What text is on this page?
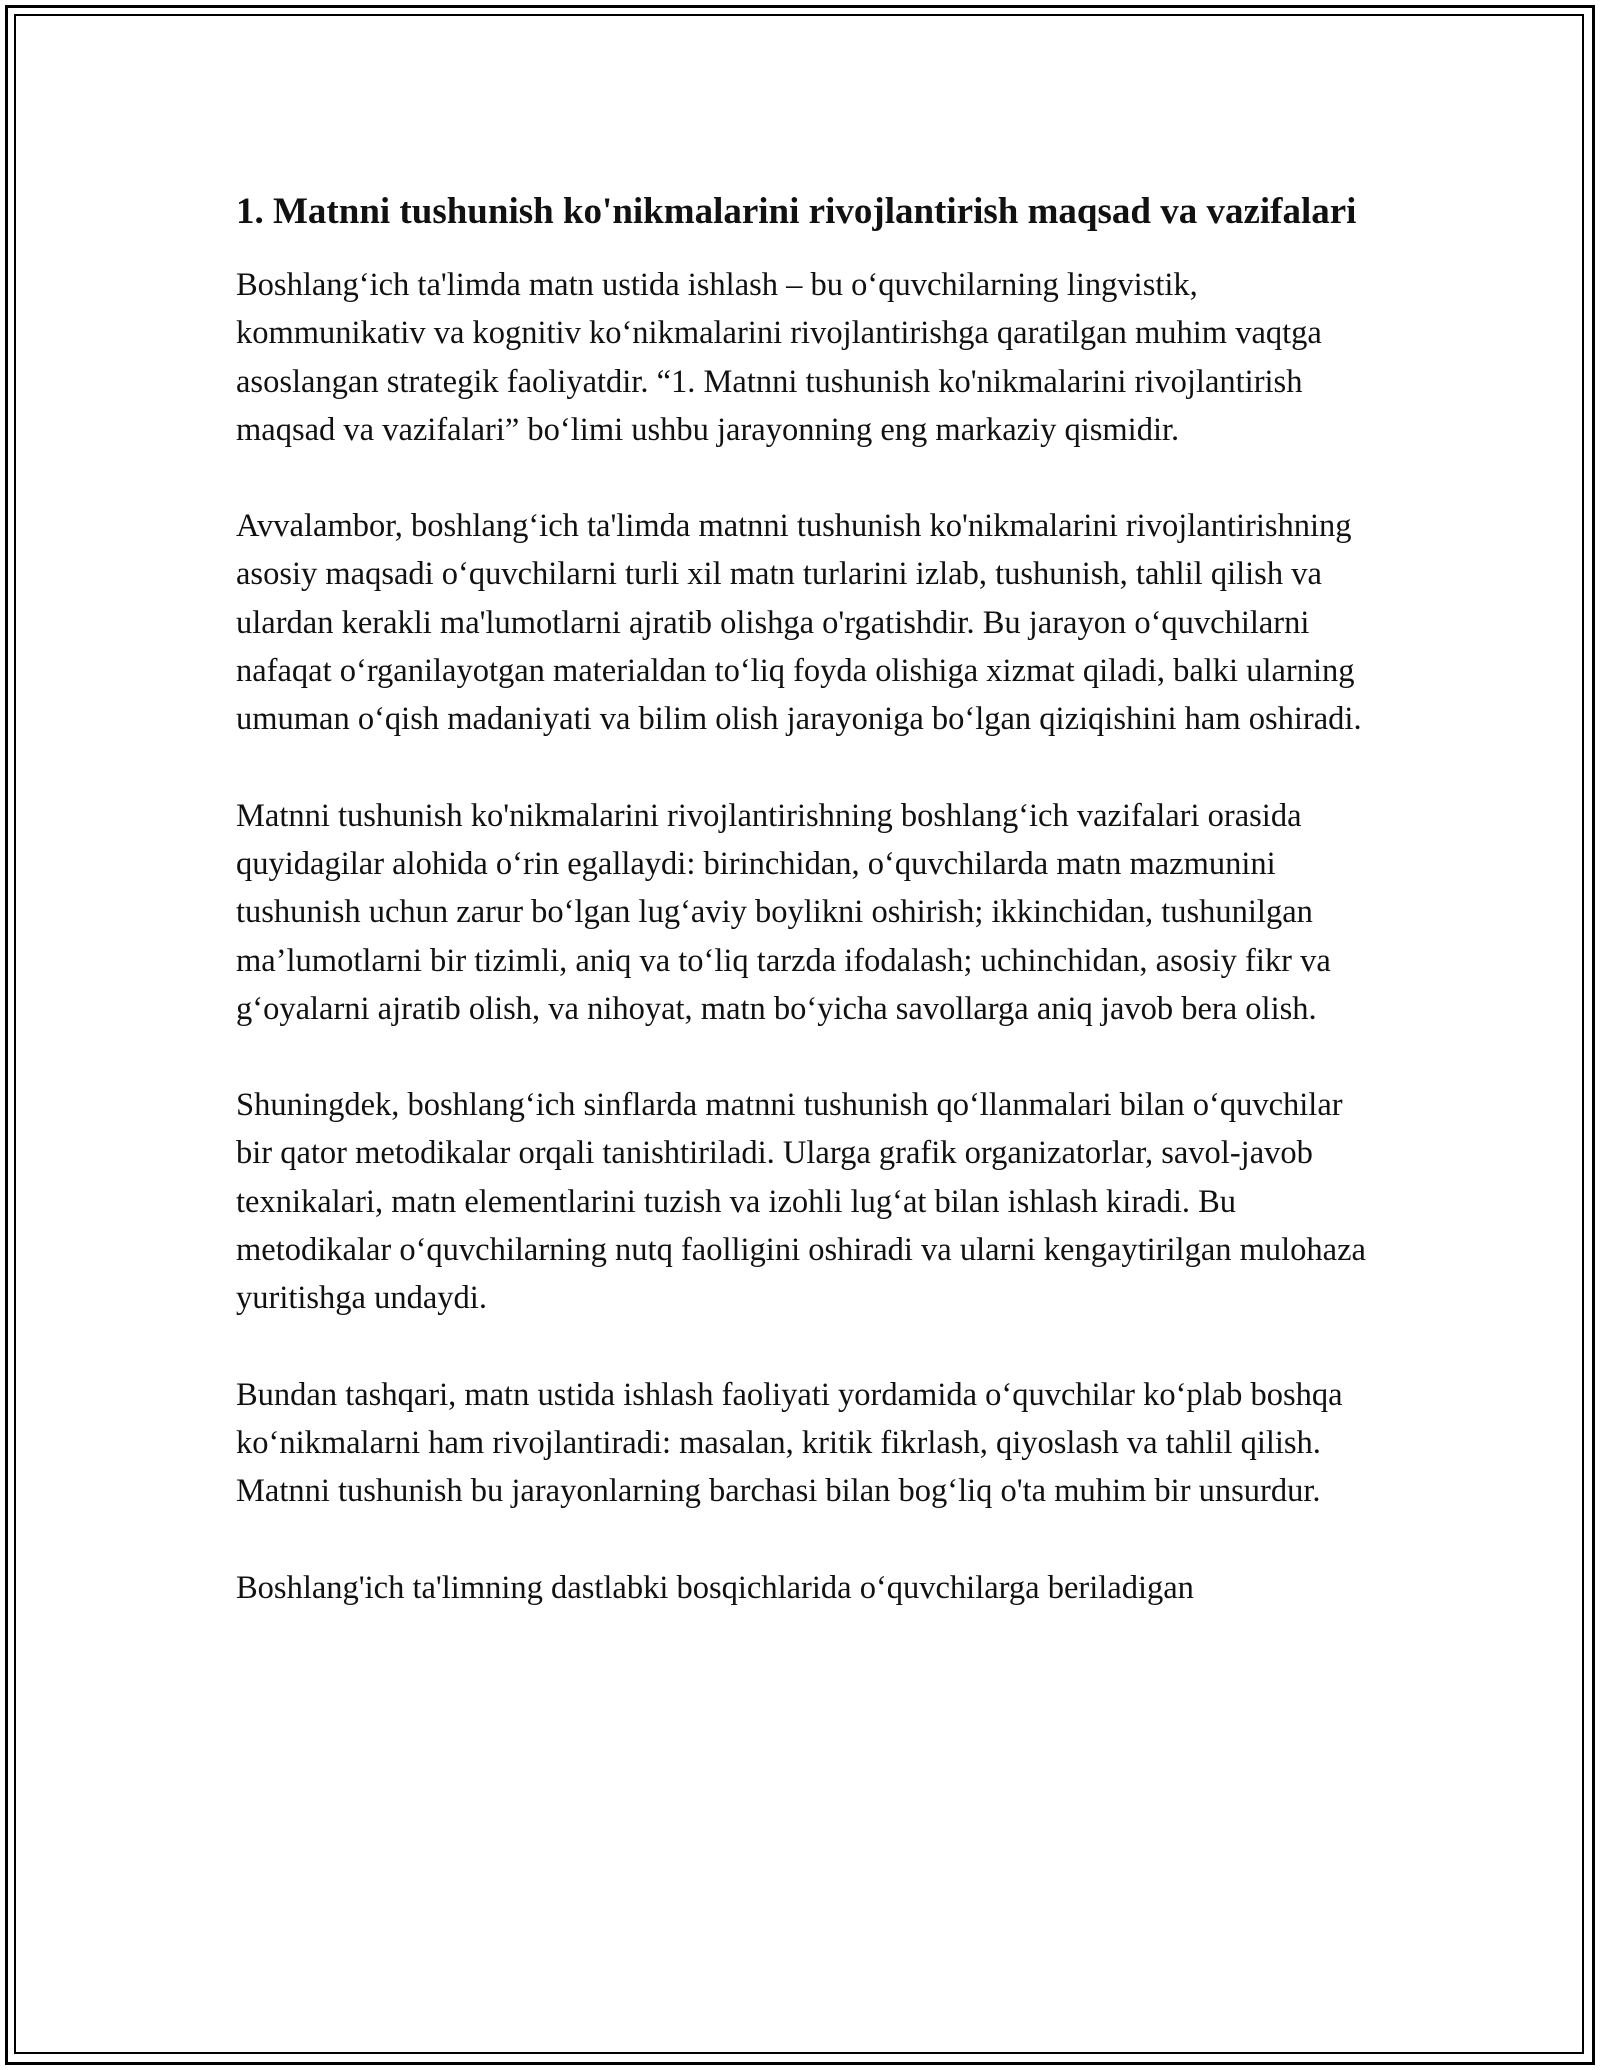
1. Matnni tushunish ko'nikmalarini rivojlantirish maqsad va vazifalari

Boshlang‘ich ta'limda matn ustida ishlash – bu o‘quvchilarning lingvistik, kommunikativ va kognitiv ko‘nikmalarini rivojlantirishga qaratilgan muhim vaqtga asoslangan strategik faoliyatdir. “1. Matnni tushunish ko'nikmalarini rivojlantirish maqsad va vazifalari” bo‘limi ushbu jarayonning eng markaziy qismidir.

Avvalambor, boshlang‘ich ta'limda matnni tushunish ko'nikmalarini rivojlantirishning asosiy maqsadi o‘quvchilarni turli xil matn turlarini izlab, tushunish, tahlil qilish va ulardan kerakli ma'lumotlarni ajratib olishga o'rgatishdir. Bu jarayon o‘quvchilarni nafaqat o‘rganilayotgan materialdan to‘liq foyda olishiga xizmat qiladi, balki ularning umuman o‘qish madaniyati va bilim olish jarayoniga bo‘lgan qiziqishini ham oshiradi.

Matnni tushunish ko'nikmalarini rivojlantirishning boshlang‘ich vazifalari orasida quyidagilar alohida o‘rin egallaydi: birinchidan, o‘quvchilarda matn mazmunini tushunish uchun zarur bo‘lgan lug‘aviy boylikni oshirish; ikkinchidan, tushunilgan ma’lumotlarni bir tizimli, aniq va to‘liq tarzda ifodalash; uchinchidan, asosiy fikr va g‘oyalarni ajratib olish, va nihoyat, matn bo‘yicha savollarga aniq javob bera olish.

Shuningdek, boshlang‘ich sinflarda matnni tushunish qo‘llanmalari bilan o‘quvchilar bir qator metodikalar orqali tanishtiriladi. Ularga grafik organizatorlar, savol-javob texnikalari, matn elementlarini tuzish va izohli lug‘at bilan ishlash kiradi. Bu metodikalar o‘quvchilarning nutq faolligini oshiradi va ularni kengaytirilgan mulohaza yuritishga undaydi.

Bundan tashqari, matn ustida ishlash faoliyati yordamida o‘quvchilar ko‘plab boshqa ko‘nikmalarni ham rivojlantiradi: masalan, kritik fikrlash, qiyoslash va tahlil qilish. Matnni tushunish bu jarayonlarning barchasi bilan bog‘liq o'ta muhim bir unsurdur.

Boshlang'ich ta'limning dastlabki bosqichlarida o‘quvchilarga beriladigan
